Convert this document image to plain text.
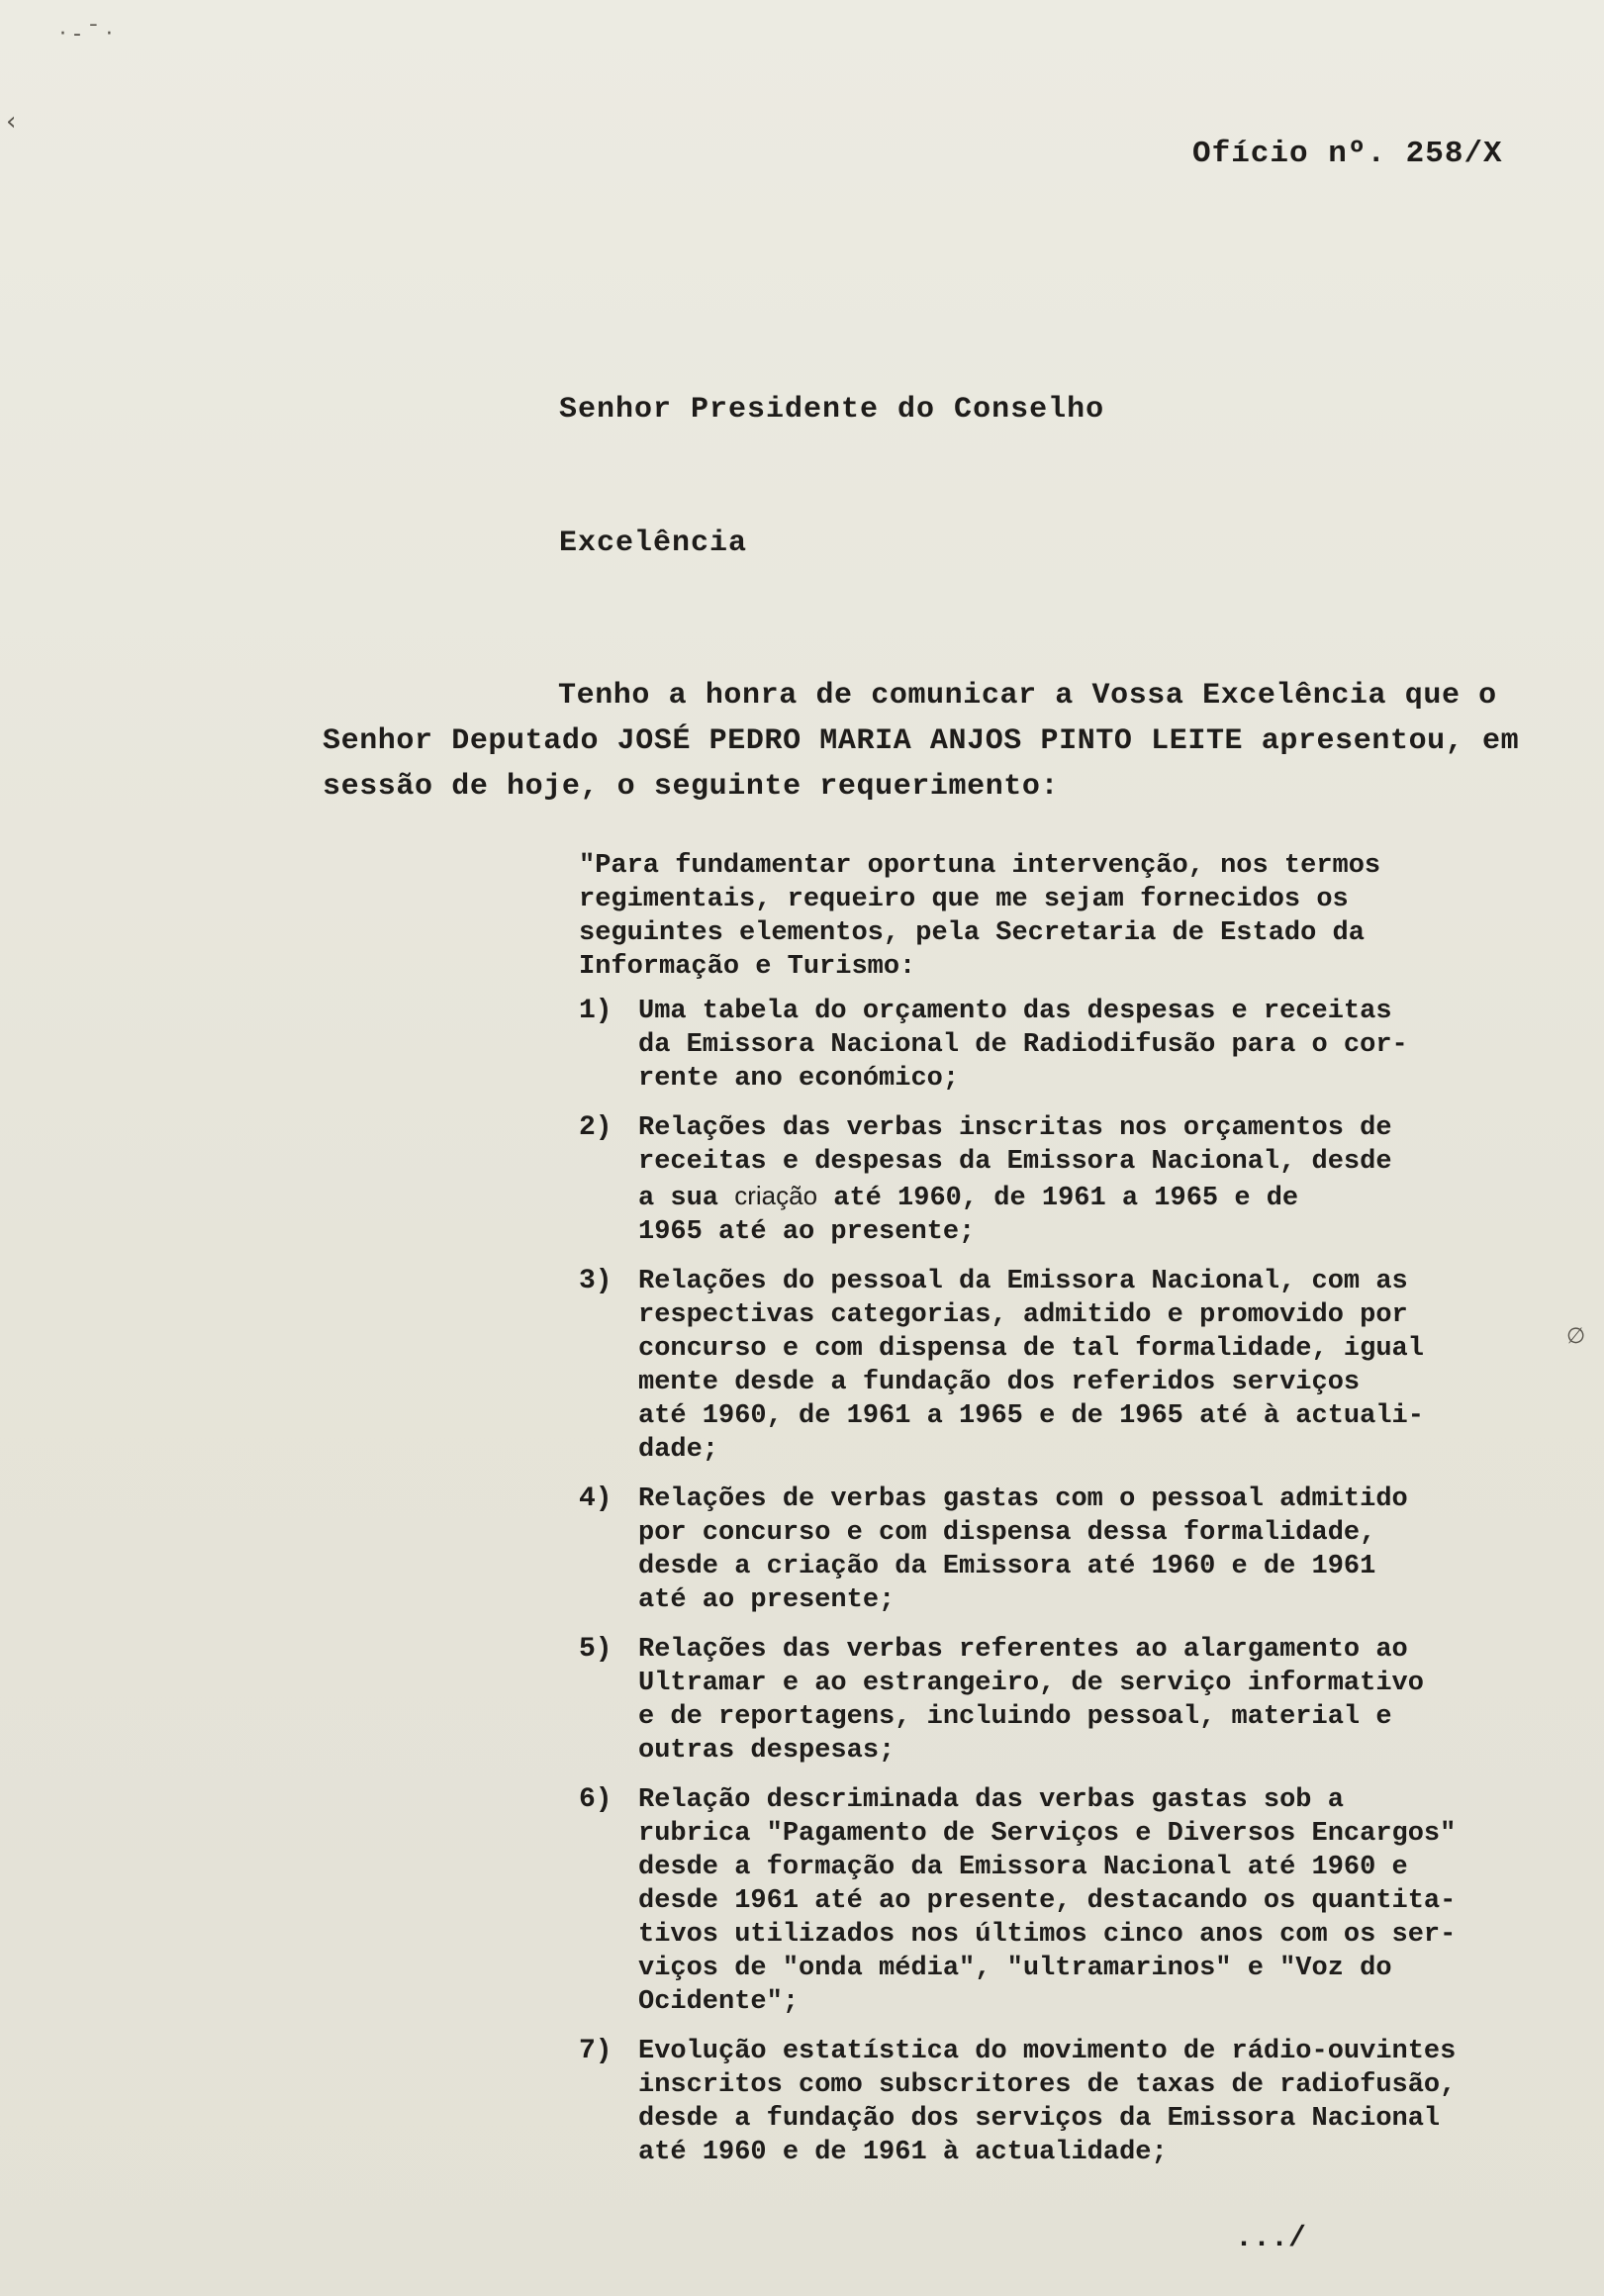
· ‐ ˉ ·
‹
∅
Ofício nº. 258/X
Senhor Presidente do Conselho
Excelência
Tenho a honra de comunicar a Vossa Excelência que o
Senhor Deputado JOSÉ PEDRO MARIA ANJOS PINTO LEITE apresentou, em
sessão de hoje, o seguinte requerimento:
"Para fundamentar oportuna intervenção, nos termos
regimentais, requeiro que me sejam fornecidos os
seguintes elementos, pela Secretaria de Estado da
Informação e Turismo:
1) Uma tabela do orçamento das despesas e receitas
da Emissora Nacional de Radiodifusão para o cor-
rente ano económico;
2) Relações das verbas inscritas nos orçamentos de
receitas e despesas da Emissora Nacional, desde
a sua criação até 1960, de 1961 a 1965 e de
1965 até ao presente;
3) Relações do pessoal da Emissora Nacional, com as
respectivas categorias, admitido e promovido por
concurso e com dispensa de tal formalidade, igual
mente desde a fundação dos referidos serviços
até 1960, de 1961 a 1965 e de 1965 até à actuali-
dade;
4) Relações de verbas gastas com o pessoal admitido
por concurso e com dispensa dessa formalidade,
desde a criação da Emissora até 1960 e de 1961
até ao presente;
5) Relações das verbas referentes ao alargamento ao
Ultramar e ao estrangeiro, de serviço informativo
e de reportagens, incluindo pessoal, material e
outras despesas;
6) Relação descriminada das verbas gastas sob a
rubrica "Pagamento de Serviços e Diversos Encargos"
desde a formação da Emissora Nacional até 1960 e
desde 1961 até ao presente, destacando os quantita-
tivos utilizados nos últimos cinco anos com os ser-
viços de "onda média", "ultramarinos" e "Voz do
Ocidente";
7) Evolução estatística do movimento de rádio-ouvintes
inscritos como subscritores de taxas de radiofusão,
desde a fundação dos serviços da Emissora Nacional
até 1960 e de 1961 à actualidade;
.../
